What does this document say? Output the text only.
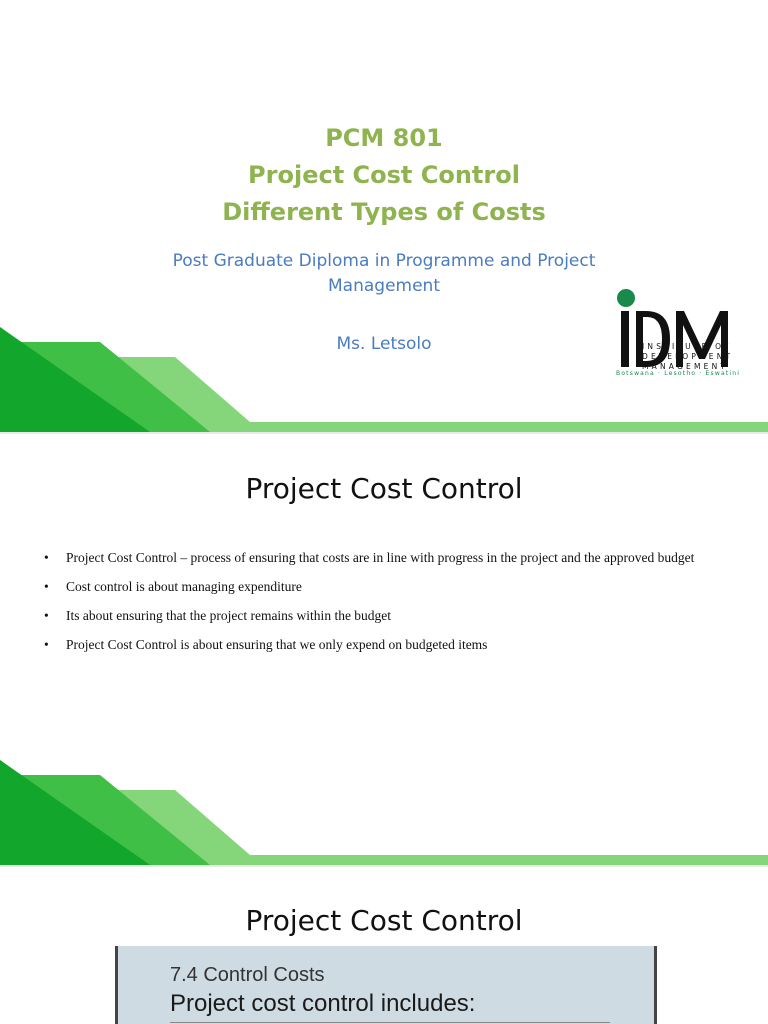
PCM 801
Project Cost Control
Different Types of Costs
Post Graduate Diploma in Programme and Project Management
Ms. Letsolo	INSTITUTE OF
DEVELOPMENT
MANAGEMENT
Botswana · Lesotho · Eswatini
Project Cost Control
• Project Cost Control – process of ensuring that costs are in line with progress in the project and the approved budget
• Cost control is about managing expenditure
• Its about ensuring that the project remains within the budget
• Project Cost Control is about ensuring that we only expend on budgeted items
Project Cost Control
7.4 Control Costs
Project cost control includes:
